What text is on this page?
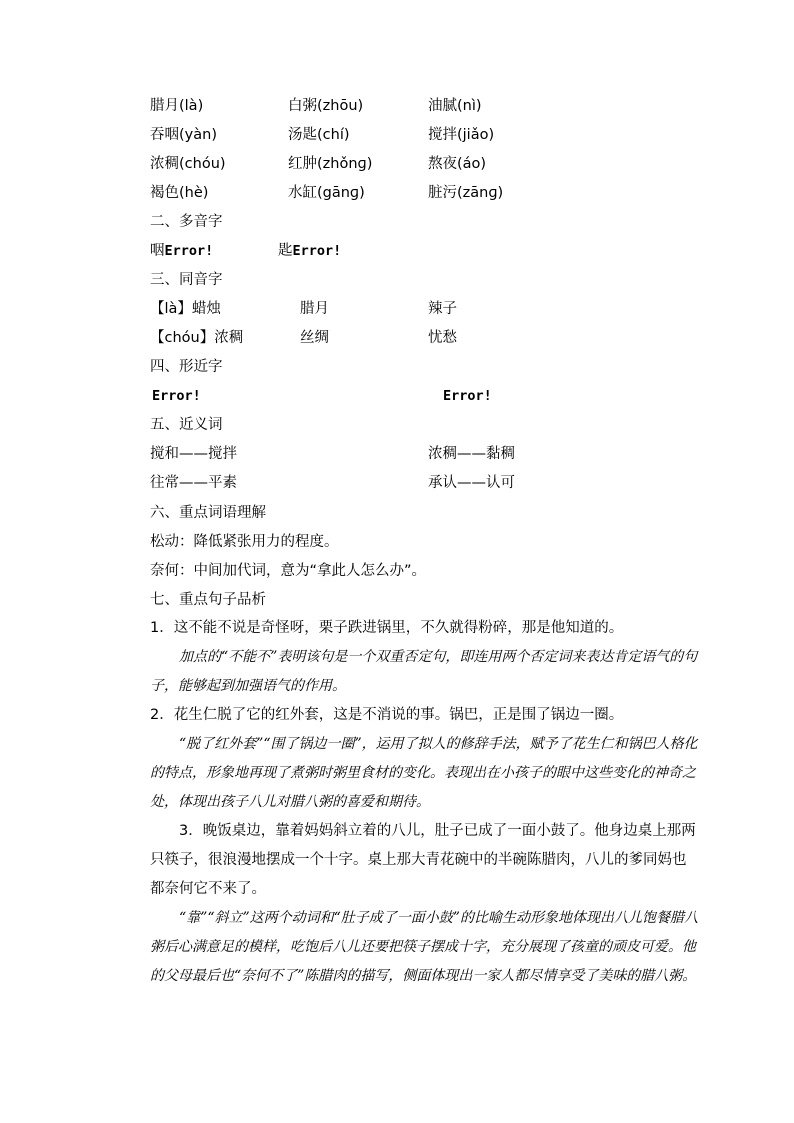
腊月(là)	白粥(zhōu)	油腻(nì)
吞咽(yàn)	汤匙(chí)	搅拌(jiǎo)
浓稠(chóu)	红肿(zhǒnɡ)	熬夜(áo)
褐色(hè)	水缸(gānɡ)	脏污(zānɡ)
二、多音字
咽Error!	匙Error!
三、同音字
【là】蜡烛	腊月	辣子
【chóu】浓稠	丝绸	忧愁
四、形近字
Error!	Error!
五、近义词
搅和——搅拌	浓稠——黏稠
往常——平素	承认——认可
六、重点词语理解
松动：降低紧张用力的程度。
奈何：中间加代词，意为“拿此人怎么办”。
七、重点句子品析
1．这不能不说是奇怪呀，栗子跌进锅里，不久就得粉碎，那是他知道的。
加点的“不能不”表明该句是一个双重否定句，即连用两个否定词来表达肯定语气的句子，能够起到加强语气的作用。
2．花生仁脱了它的红外套，这是不消说的事。锅巴，正是围了锅边一圈。
“脱了红外套”“围了锅边一圈”，运用了拟人的修辞手法，赋予了花生仁和锅巴人格化的特点，形象地再现了煮粥时粥里食材的变化。表现出在小孩子的眼中这些变化的神奇之处，体现出孩子八儿对腊八粥的喜爱和期待。
3．晚饭桌边，靠着妈妈斜立着的八儿，肚子已成了一面小鼓了。他身边桌上那两只筷子，很浪漫地摆成一个十字。桌上那大青花碗中的半碗陈腊肉，八儿的爹同妈也都奈何它不来了。
“靠”“斜立”这两个动词和“肚子成了一面小鼓”的比喻生动形象地体现出八儿饱餐腊八粥后心满意足的模样，吃饱后八儿还要把筷子摆成十字，充分展现了孩童的顽皮可爱。他的父母最后也“奈何不了”陈腊肉的描写，侧面体现出一家人都尽情享受了美味的腊八粥。
